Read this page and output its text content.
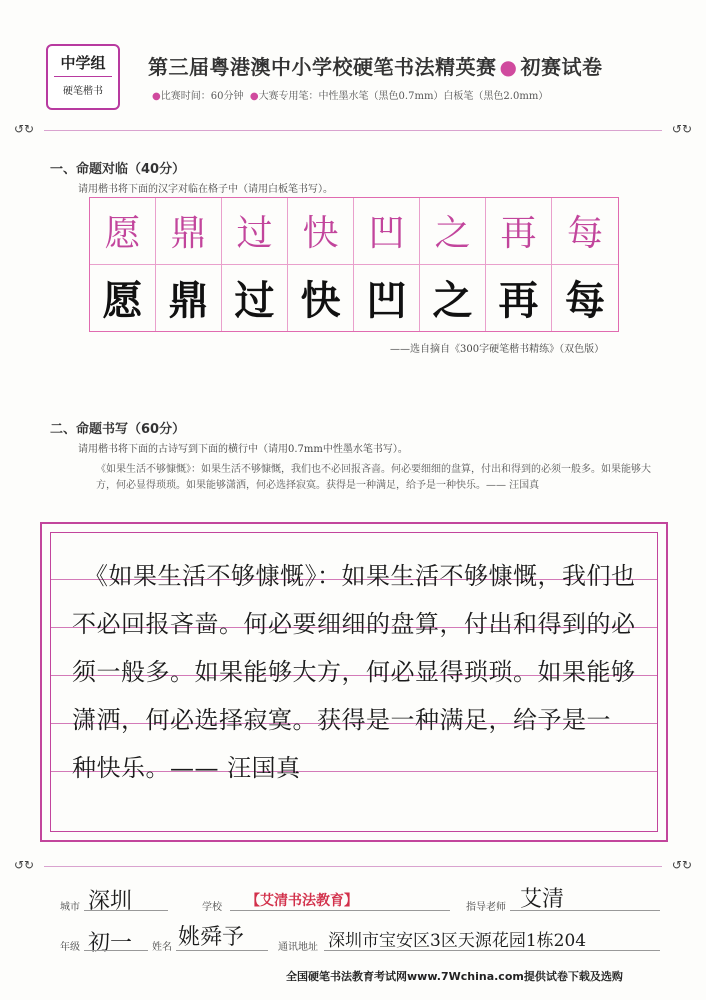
中学组
硬笔楷书
第三届粤港澳中小学校硬笔书法精英赛 ● 初赛试卷
●比赛时间：60分钟 ●大赛专用笔：中性墨水笔（黑色0.7mm）白板笔（黑色2.0mm）
↺↻	↺↻
一、命题对临（40分）
请用楷书将下面的汉字对临在格子中（请用白板笔书写）。
愿 鼎 过 快 凹 之 再 每
愿 鼎 过 快 凹 之 再 每
——选自摘自《300字硬笔楷书精练》（双色版）
二、命题书写（60分）
请用楷书将下面的古诗写到下面的横行中（请用0.7mm中性墨水笔书写）。
《如果生活不够慷慨》：如果生活不够慷慨，我们也不必回报吝啬。何必要细细的盘算，付出和得到的必须一般多。如果能够大方，何必显得琐琐。如果能够潇洒，何必选择寂寞。获得是一种满足，给予是一种快乐。—— 汪国真
《如果生活不够慷慨》：如果生活不够慷慨，我们也
不必回报吝啬。何必要细细的盘算，付出和得到的必
须一般多。如果能够大方，何必显得琐琐。如果能够
潇洒，何必选择寂寞。获得是一种满足，给予是一
种快乐。—— 汪国真
↺↻	↺↻
城市 深圳	学校 【艾清书法教育】	指导老师 艾清
年级 初一 姓名 姚舜予	通讯地址 深圳市宝安区3区天源花园1栋204
全国硬笔书法教育考试网www.7Wchina.com提供试卷下载及选购
